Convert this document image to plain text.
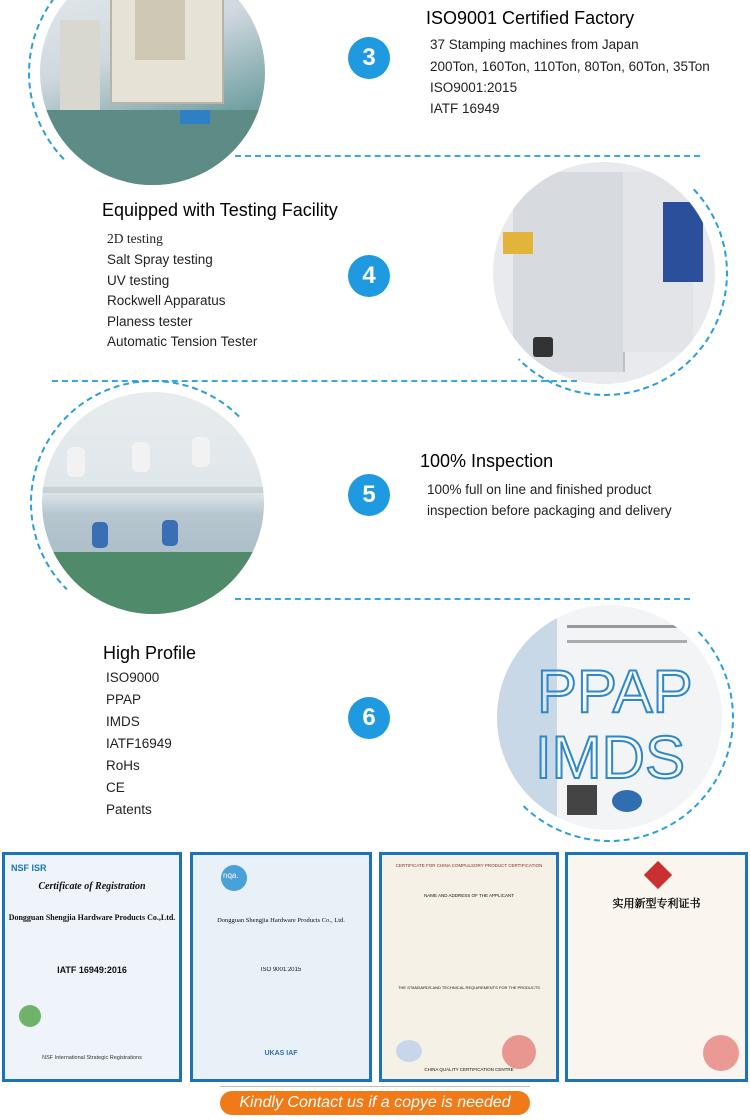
3
ISO9001 Certified Factory
37 Stamping machines from Japan
200Ton, 160Ton, 110Ton, 80Ton, 60Ton, 35Ton
ISO9001:2015
IATF 16949
Equipped with Testing Facility
2D testing
Salt Spray testing
UV testing
Rockwell Apparatus
Planess tester
Automatic Tension Tester
4
5
100% Inspection
100% full on line and finished product
inspection before packaging and delivery
High Profile
ISO9000
PPAP
IMDS
IATF16949
RoHs
CE
Patents
6	PPAP
IMDS
NSF ISR
Certificate of Registration
Dongguan Shengjia Hardware Products Co.,Ltd.
IATF 16949:2016
NSF International Strategic Registrations
nqa.
Dongguan Shengjia Hardware Products Co., Ltd.
ISO 9001:2015
UKAS IAF
CERTIFICATE FOR CHINA COMPULSORY PRODUCT CERTIFICATION
NAME AND ADDRESS OF THE APPLICANT
THE STANDARDS AND TECHNICAL REQUIREMENTS FOR THE PRODUCTS
CHINA QUALITY CERTIFICATION CENTRE
实用新型专利证书
Kindly Contact us if a copye is needed
